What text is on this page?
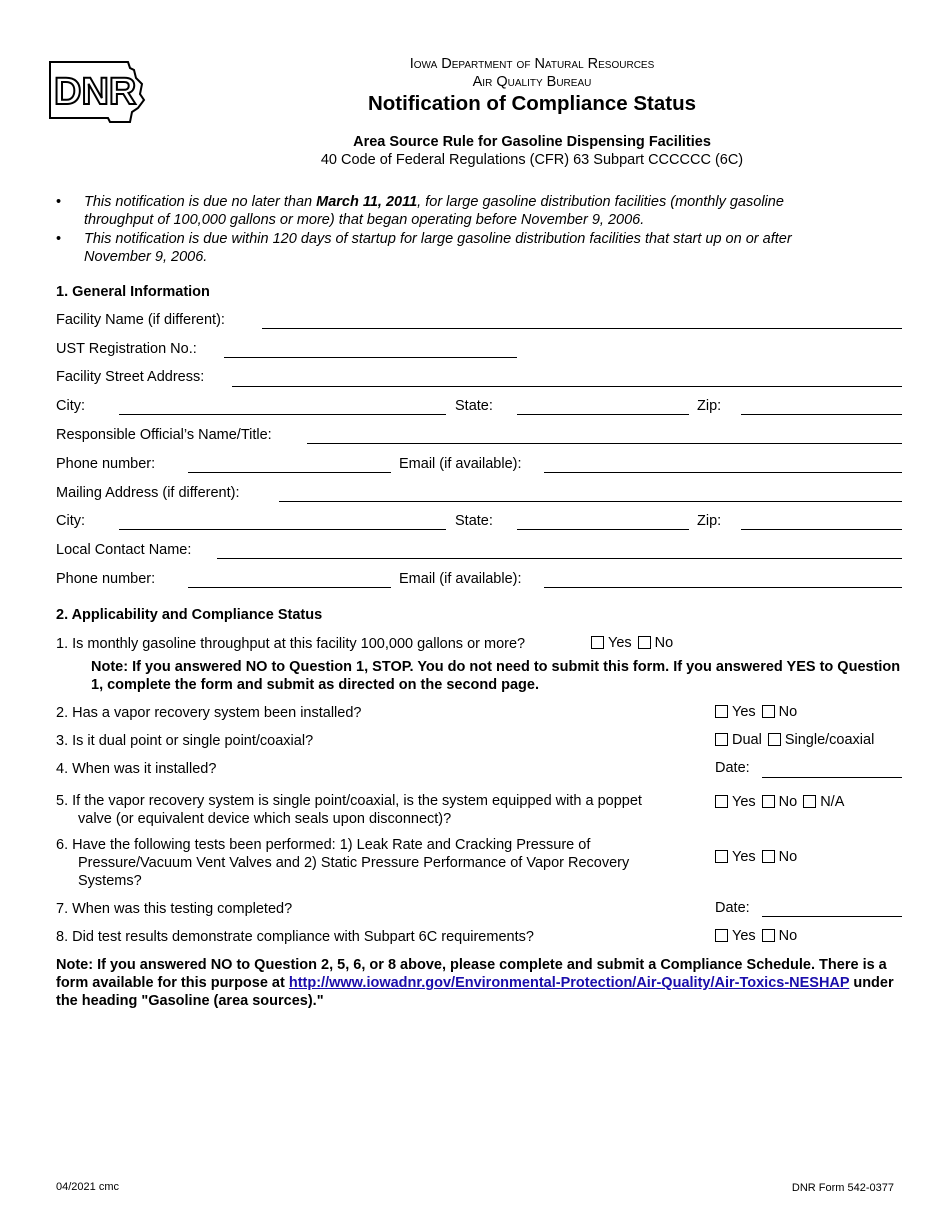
DNR
Iowa Department of Natural Resources
Air Quality Bureau
Notification of Compliance Status
Area Source Rule for Gasoline Dispensing Facilities
40 Code of Federal Regulations (CFR) 63 Subpart CCCCCC (6C)
• This notification is due no later than March 11, 2011, for large gasoline distribution facilities (monthly gasoline throughput of 100,000 gallons or more) that began operating before November 9, 2006.
• This notification is due within 120 days of startup for large gasoline distribution facilities that start up on or after November 9, 2006.
1. General Information
Facility Name (if different):
UST Registration No.:
Facility Street Address:
City:	State:	Zip:
Responsible Official’s Name/Title:
Phone number:	Email (if available):
Mailing Address (if different):
City:	State:	Zip:
Local Contact Name:
Phone number:	Email (if available):
2. Applicability and Compliance Status
1. Is monthly gasoline throughput at this facility 100,000 gallons or more?	Yes No
Note: If you answered NO to Question 1, STOP. You do not need to submit this form. If you answered YES to Question 1, complete the form and submit as directed on the second page.
2. Has a vapor recovery system been installed?	Yes No
3. Is it dual point or single point/coaxial?	Dual Single/coaxial
4. When was it installed?	Date:
5. If the vapor recovery system is single point/coaxial, is the system equipped with a poppet
valve (or equivalent device which seals upon disconnect)?
Yes No N/A
6. Have the following tests been performed: 1) Leak Rate and Cracking Pressure of
Pressure/Vacuum Vent Valves and 2) Static Pressure Performance of Vapor Recovery
Systems?
Yes No
7. When was this testing completed?	Date:
8. Did test results demonstrate compliance with Subpart 6C requirements?	Yes No
Note: If you answered NO to Question 2, 5, 6, or 8 above, please complete and submit a Compliance Schedule. There is a form available for this purpose at http://www.iowadnr.gov/Environmental-Protection/Air-Quality/Air-Toxics-NESHAP under the heading "Gasoline (area sources)."
04/2021 cmc	DNR Form 542-0377
